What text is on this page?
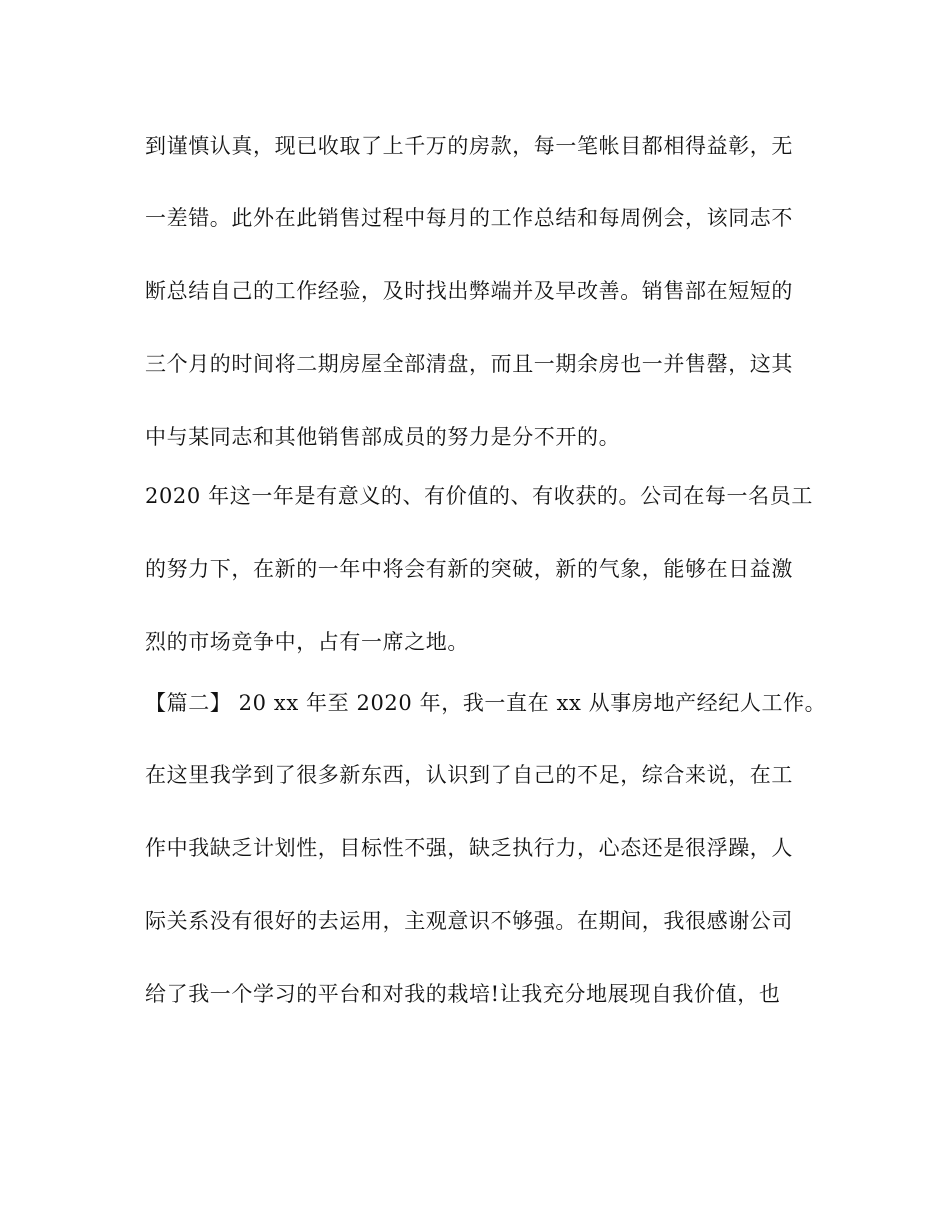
到谨慎认真，现已收取了上千万的房款，每一笔帐目都相得益彰，无
一差错。此外在此销售过程中每月的工作总结和每周例会，该同志不
断总结自己的工作经验，及时找出弊端并及早改善。销售部在短短的
三个月的时间将二期房屋全部清盘，而且一期余房也一并售罄，这其
中与某同志和其他销售部成员的努力是分不开的。
2020 年这一年是有意义的、有价值的、有收获的。公司在每一名员工
的努力下，在新的一年中将会有新的突破，新的气象，能够在日益激
烈的市场竞争中，占有一席之地。
【篇二】 20 xx 年至 2020 年，我一直在 xx 从事房地产经纪人工作。
在这里我学到了很多新东西，认识到了自己的不足，综合来说，在工
作中我缺乏计划性，目标性不强，缺乏执行力，心态还是很浮躁，人
际关系没有很好的去运用，主观意识不够强。在期间，我很感谢公司
给了我一个学习的平台和对我的栽培!让我充分地展现自我价值，也
